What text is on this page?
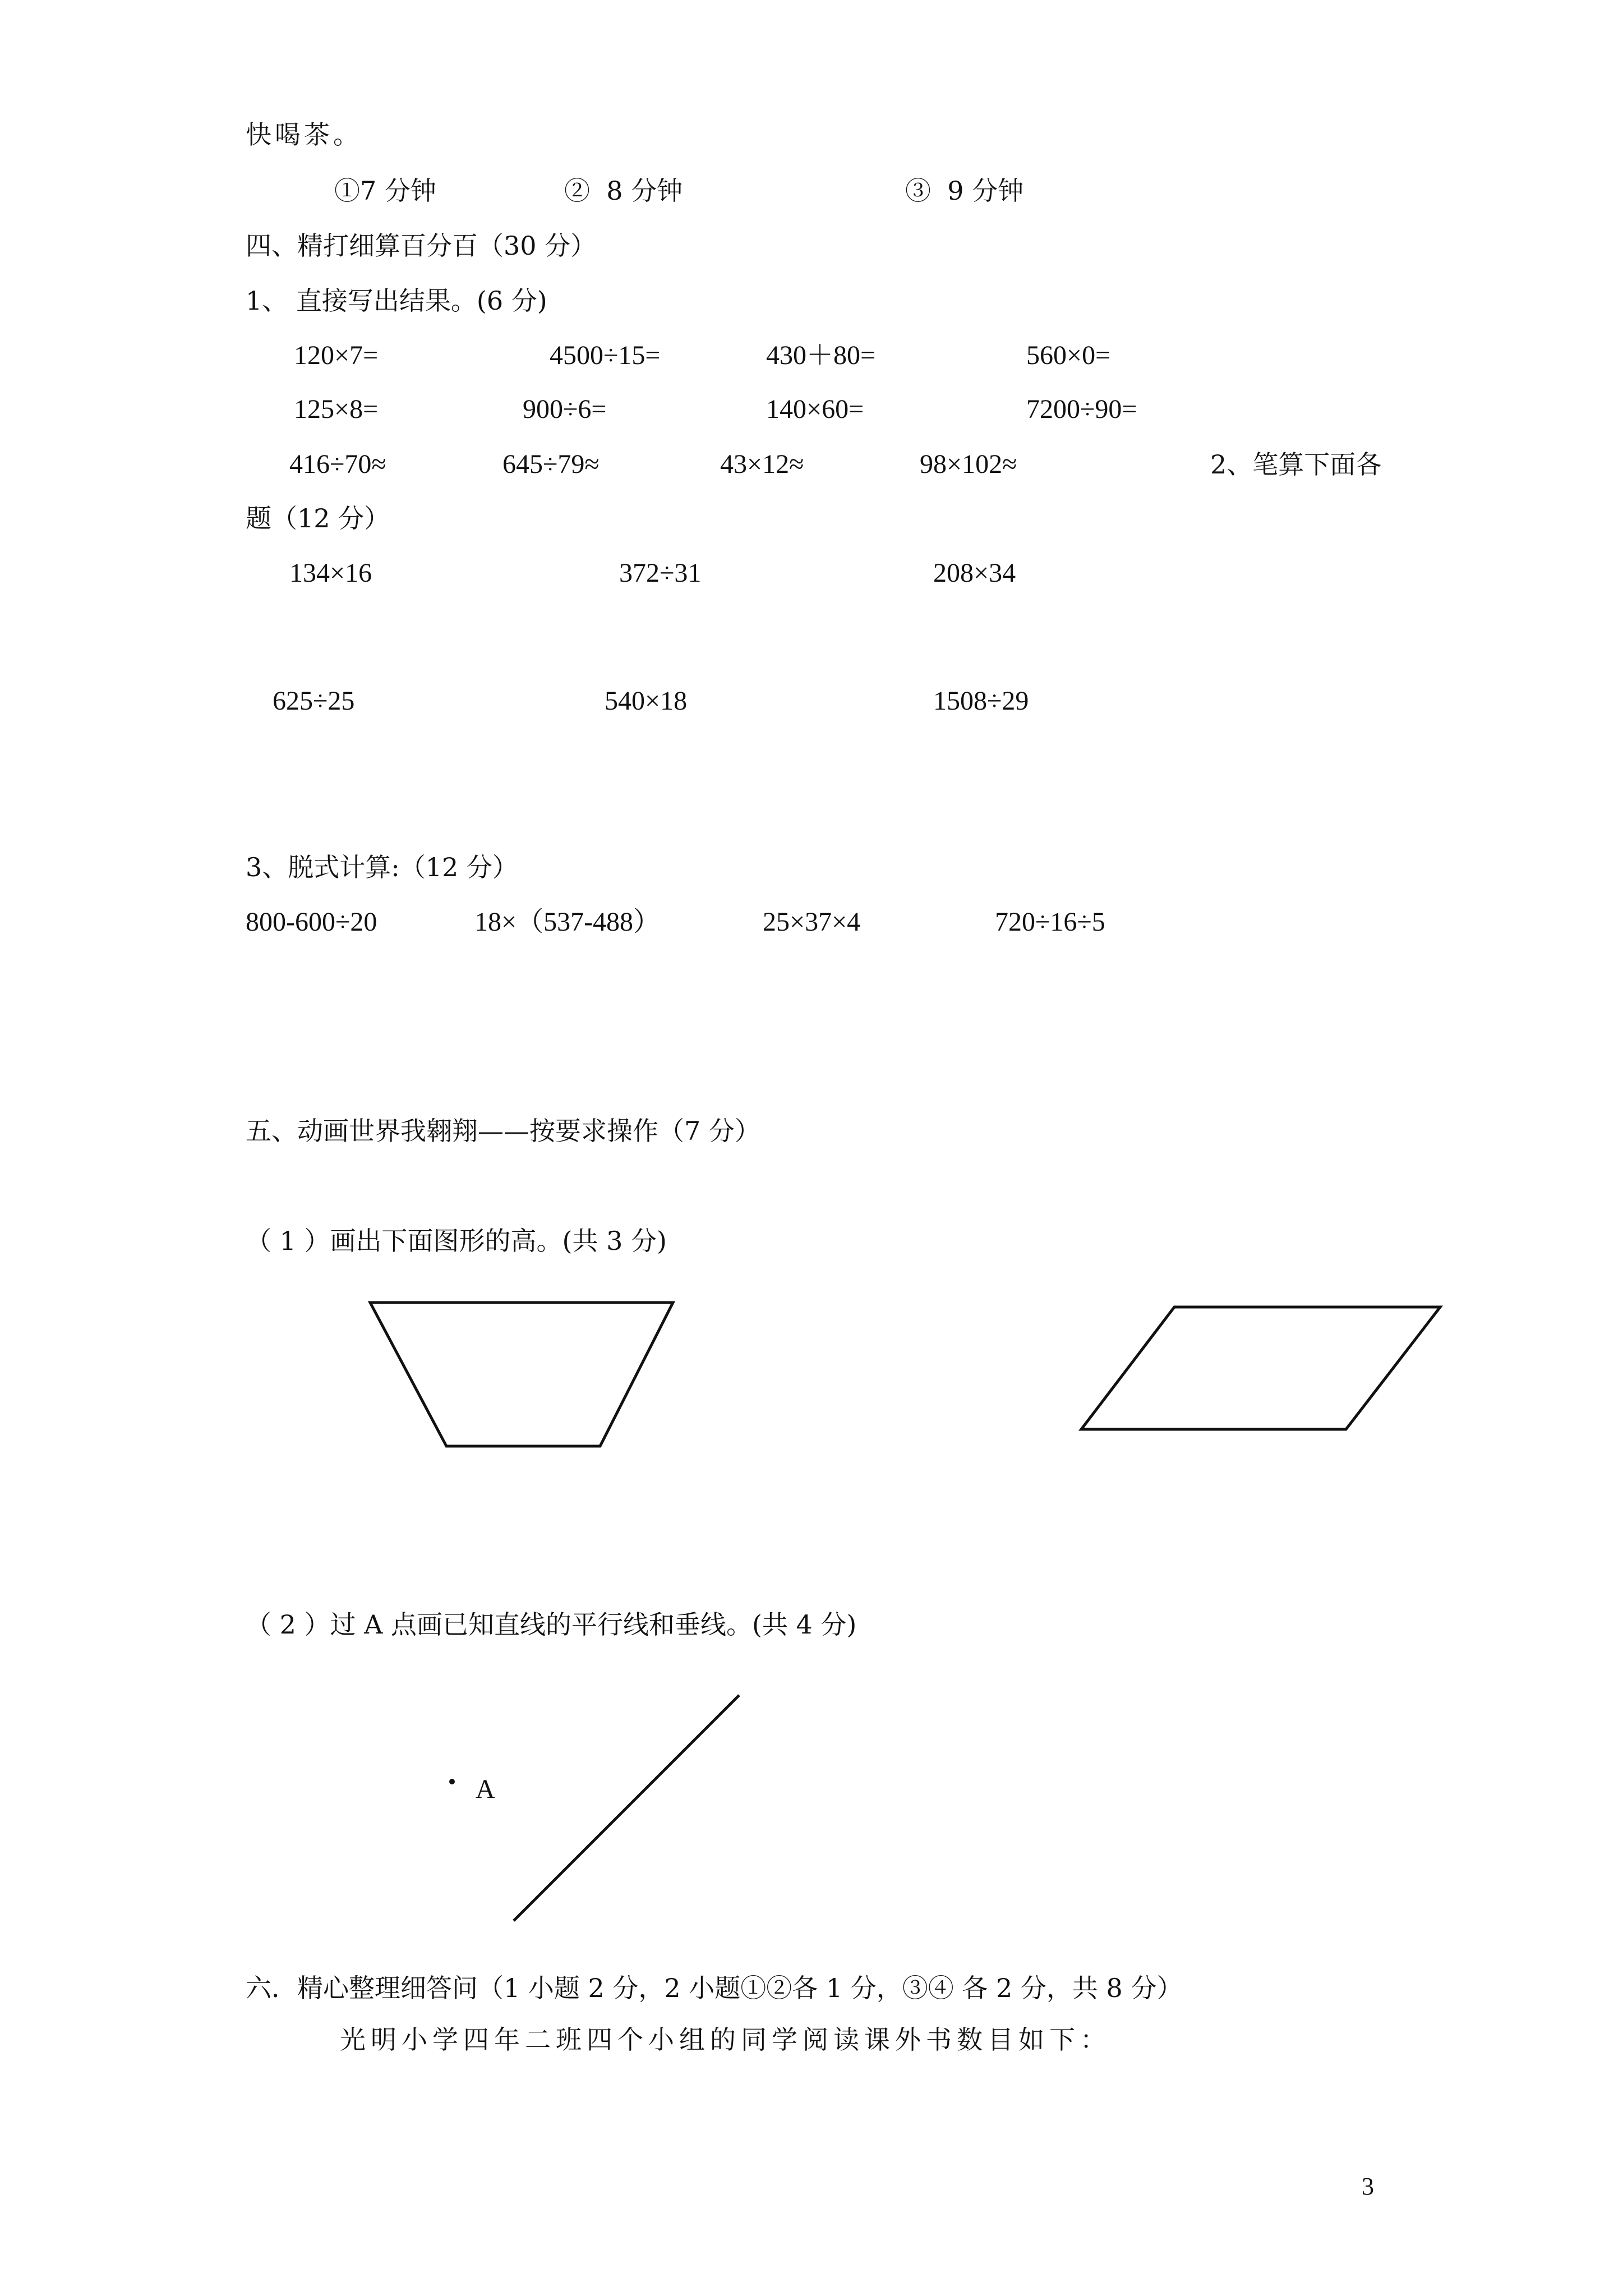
快喝茶。
①7 分钟	②  8 分钟	③  9 分钟
四、精打细算百分百（30 分）
1、 直接写出结果。(6 分)
120×7=	4500÷15=	430＋80=	560×0=
125×8=	900÷6=	140×60=	7200÷90=
416÷70≈	645÷79≈	43×12≈	98×102≈	2、笔算下面各
题（12 分）
134×16	372÷31	208×34
625÷25	540×18	1508÷29
3、脱式计算:（12 分）
800-600÷20	18×（537-488）	25×37×4	720÷16÷5
五、动画世界我翱翔——按要求操作（7 分）
（ 1 ）画出下面图形的高。(共 3 分)
（ 2 ）过 A 点画已知直线的平行线和垂线。(共 4 分)
A
六．精心整理细答问（1 小题 2 分，2 小题①②各 1 分，③④ 各 2 分，共 8 分）
光明小学四年二班四个小组的同学阅读课外书数目如下：
3
